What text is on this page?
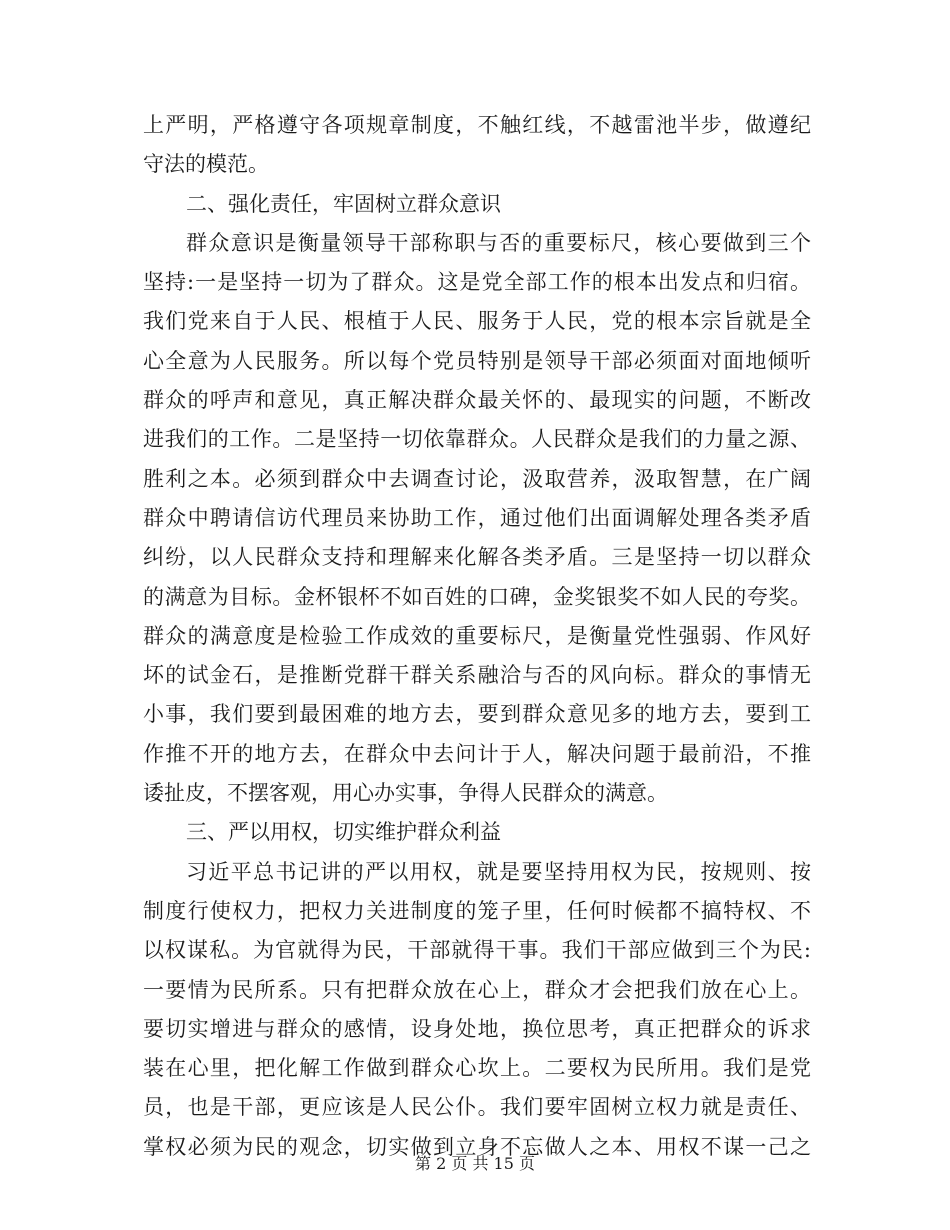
上严明，严格遵守各项规章制度，不触红线，不越雷池半步，做遵纪
守法的模范。
二、强化责任，牢固树立群众意识
群众意识是衡量领导干部称职与否的重要标尺，核心要做到三个
坚持:一是坚持一切为了群众。这是党全部工作的根本出发点和归宿。
我们党来自于人民、根植于人民、服务于人民，党的根本宗旨就是全
心全意为人民服务。所以每个党员特别是领导干部必须面对面地倾听
群众的呼声和意见，真正解决群众最关怀的、最现实的问题，不断改
进我们的工作。二是坚持一切依靠群众。人民群众是我们的力量之源、
胜利之本。必须到群众中去调查讨论，汲取营养，汲取智慧，在广阔
群众中聘请信访代理员来协助工作，通过他们出面调解处理各类矛盾
纠纷，以人民群众支持和理解来化解各类矛盾。三是坚持一切以群众
的满意为目标。金杯银杯不如百姓的口碑，金奖银奖不如人民的夸奖。
群众的满意度是检验工作成效的重要标尺，是衡量党性强弱、作风好
坏的试金石，是推断党群干群关系融洽与否的风向标。群众的事情无
小事，我们要到最困难的地方去，要到群众意见多的地方去，要到工
作推不开的地方去，在群众中去问计于人，解决问题于最前沿，不推
诿扯皮，不摆客观，用心办实事，争得人民群众的满意。
三、严以用权，切实维护群众利益
习近平总书记讲的严以用权，就是要坚持用权为民，按规则、按
制度行使权力，把权力关进制度的笼子里，任何时候都不搞特权、不
以权谋私。为官就得为民，干部就得干事。我们干部应做到三个为民:
一要情为民所系。只有把群众放在心上，群众才会把我们放在心上。
要切实增进与群众的感情，设身处地，换位思考，真正把群众的诉求
装在心里，把化解工作做到群众心坎上。二要权为民所用。我们是党
员，也是干部，更应该是人民公仆。我们要牢固树立权力就是责任、
掌权必须为民的观念，切实做到立身不忘做人之本、用权不谋一己之
第 2 页 共 15 页
